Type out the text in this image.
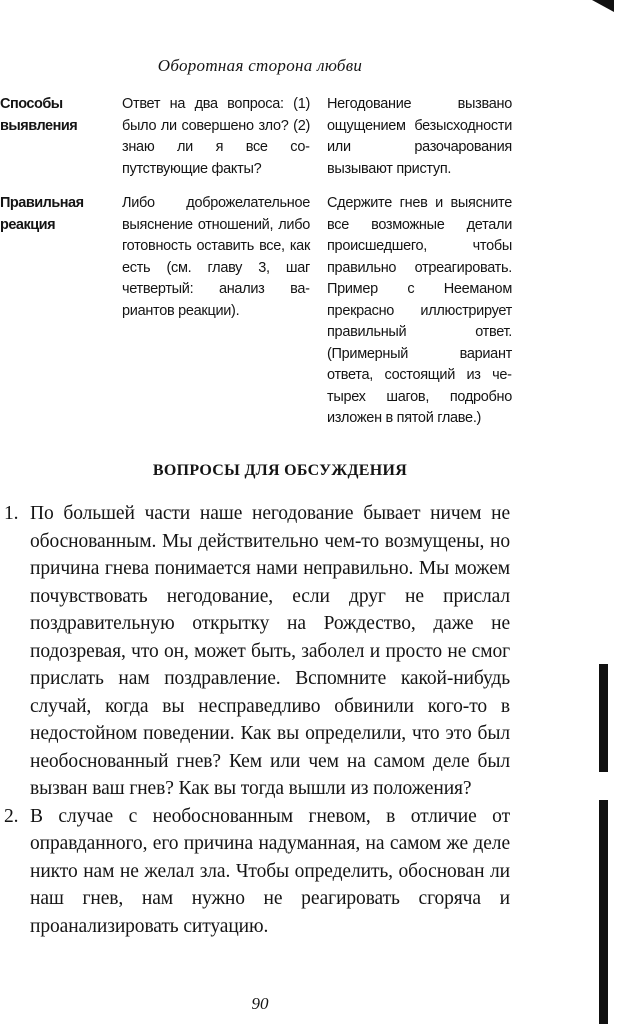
Оборотная сторона любви
Способы
выявления
Ответ на два вопроса: (1) было ли совершено зло? (2) знаю ли я все сопутствующие факты?
Негодование вызвано ощущением безысходности или разочарования вызывают приступ.
Правильная
реакция
Либо доброжелательное выяснение отношений, либо готовность оставить все, как есть (см. главу 3, шаг четвертый: анализ вариантов реакции).
Сдержите гнев и выясните все возможные детали происшедшего, чтобы правильно отреагировать. Пример с Нееманом прекрасно иллюстрирует правильный ответ. (Примерный вариант ответа, состоящий из четырех шагов, подробно изложен в пятой главе.)
ВОПРОСЫ ДЛЯ ОБСУЖДЕНИЯ
1. По большей части наше негодование бывает ничем не обоснованным. Мы действительно чем-то возмущены, но причина гнева понимается нами неправильно. Мы можем почувствовать негодование, если друг не прислал поздравительную открытку на Рождество, даже не подозревая, что он, может быть, заболел и просто не смог прислать нам поздравление. Вспомните какой-нибудь случай, когда вы несправедливо обвинили кого-то в недостойном поведении. Как вы определили, что это был необоснованный гнев? Кем или чем на самом деле был вызван ваш гнев? Как вы тогда вышли из положения?
2. В случае с необоснованным гневом, в отличие от оправданного, его причина надуманная, на самом же деле никто нам не желал зла. Чтобы определить, обоснован ли наш гнев, нам нужно не реагировать сгоряча и проанализировать ситуацию.
90
